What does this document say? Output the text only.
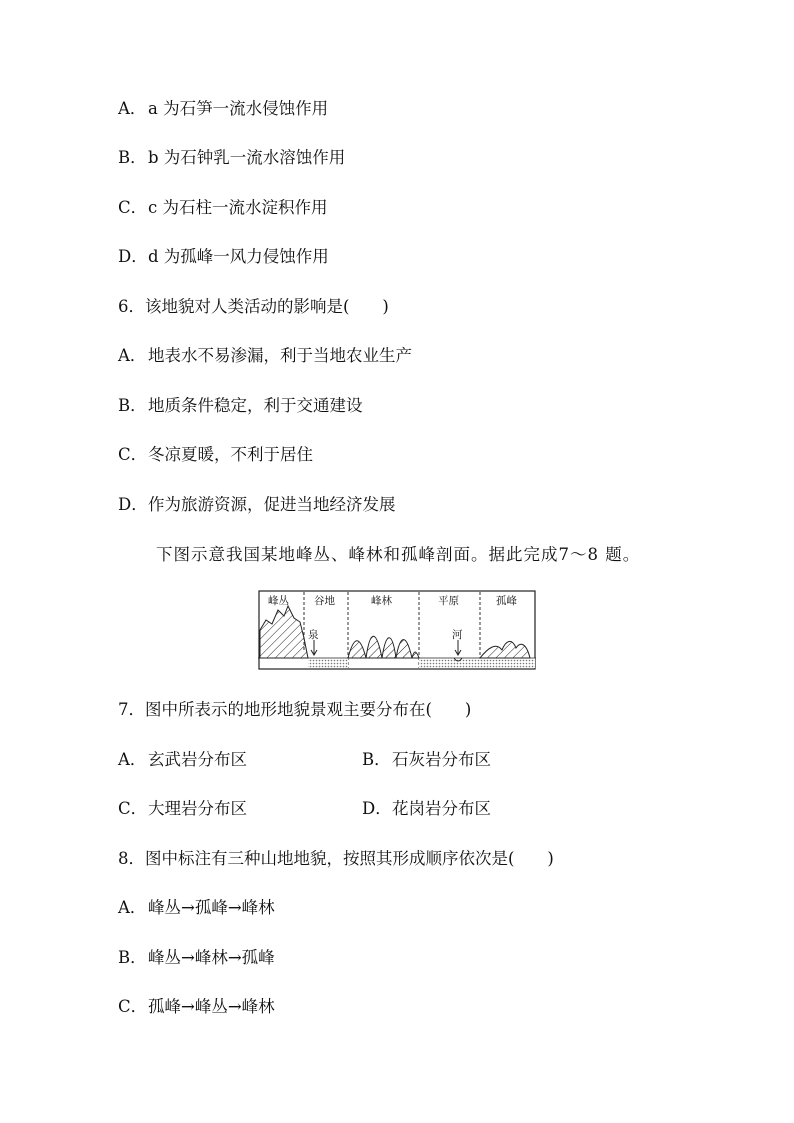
A．a 为石笋一流水侵蚀作用
B．b 为石钟乳一流水溶蚀作用
C．c 为石柱一流水淀积作用
D．d 为孤峰一风力侵蚀作用
6．该地貌对人类活动的影响是(　　)
A．地表水不易渗漏，利于当地农业生产
B．地质条件稳定，利于交通建设
C．冬凉夏暖，不利于居住
D．作为旅游资源，促进当地经济发展
下图示意我国某地峰丛、峰林和孤峰剖面。据此完成7～8 题。
峰丛 谷地	峰林	平原	孤峰
泉	河
7．图中所表示的地形地貌景观主要分布在(　　)
A．玄武岩分布区	B．石灰岩分布区
C．大理岩分布区	D．花岗岩分布区
8．图中标注有三种山地地貌，按照其形成顺序依次是(　　)
A．峰丛→孤峰→峰林
B．峰丛→峰林→孤峰
C．孤峰→峰丛→峰林
